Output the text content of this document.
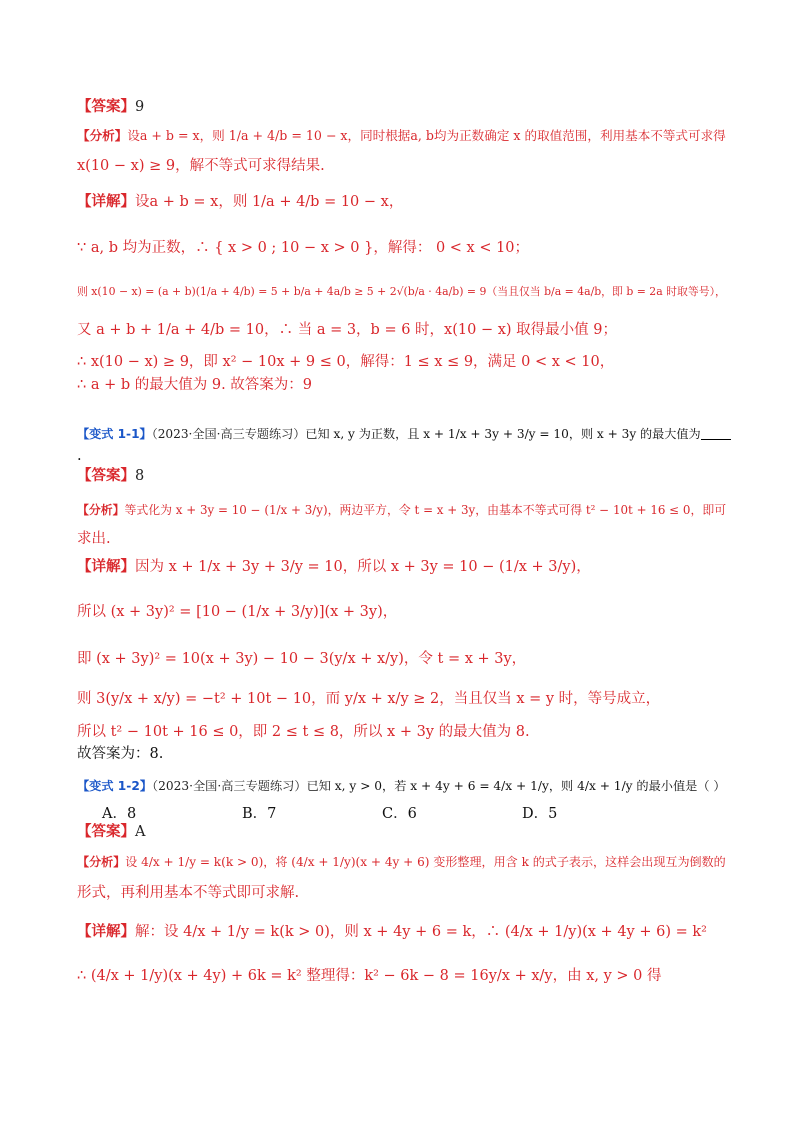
【答案】9
【分析】设a + b = x，则 1/a + 4/b = 10 − x，同时根据a, b均为正数确定 x 的取值范围，利用基本不等式可求得
x(10 − x) ≥ 9，解不等式可求得结果.
【详解】设a + b = x，则 1/a + 4/b = 10 − x，
∵ a, b 均为正数，∴ { x > 0 ; 10 − x > 0 }，解得： 0 < x < 10；
则 x(10 − x) = (a + b)(1/a + 4/b) = 5 + b/a + 4a/b ≥ 5 + 2√(b/a · 4a/b) = 9（当且仅当 b/a = 4a/b，即 b = 2a 时取等号），
又 a + b + 1/a + 4/b = 10，∴ 当 a = 3，b = 6 时，x(10 − x) 取得最小值 9；
∴ x(10 − x) ≥ 9，即 x² − 10x + 9 ≤ 0，解得：1 ≤ x ≤ 9，满足 0 < x < 10，
∴ a + b 的最大值为 9. 故答案为：9
【变式 1-1】（2023·全国·高三专题练习）已知 x, y 为正数，且 x + 1/x + 3y + 3/y = 10，则 x + 3y 的最大值为
.
【答案】8
【分析】等式化为 x + 3y = 10 − (1/x + 3/y)，两边平方，令 t = x + 3y，由基本不等式可得 t² − 10t + 16 ≤ 0，即可
求出.
【详解】因为 x + 1/x + 3y + 3/y = 10，所以 x + 3y = 10 − (1/x + 3/y)，
所以 (x + 3y)² = [10 − (1/x + 3/y)](x + 3y)，
即 (x + 3y)² = 10(x + 3y) − 10 − 3(y/x + x/y)，令 t = x + 3y，
则 3(y/x + x/y) = −t² + 10t − 10，而 y/x + x/y ≥ 2，当且仅当 x = y 时，等号成立，
所以 t² − 10t + 16 ≤ 0，即 2 ≤ t ≤ 8，所以 x + 3y 的最大值为 8.
故答案为：8.
【变式 1-2】（2023·全国·高三专题练习）已知 x, y > 0，若 x + 4y + 6 = 4/x + 1/y，则 4/x + 1/y 的最小值是（ ）
A．8	B．7	C．6	D．5
【答案】A
【分析】设 4/x + 1/y = k(k > 0)，将 (4/x + 1/y)(x + 4y + 6) 变形整理，用含 k 的式子表示，这样会出现互为倒数的
形式，再利用基本不等式即可求解.
【详解】解：设 4/x + 1/y = k(k > 0)，则 x + 4y + 6 = k，∴ (4/x + 1/y)(x + 4y + 6) = k²
∴ (4/x + 1/y)(x + 4y) + 6k = k² 整理得：k² − 6k − 8 = 16y/x + x/y，由 x, y > 0 得
